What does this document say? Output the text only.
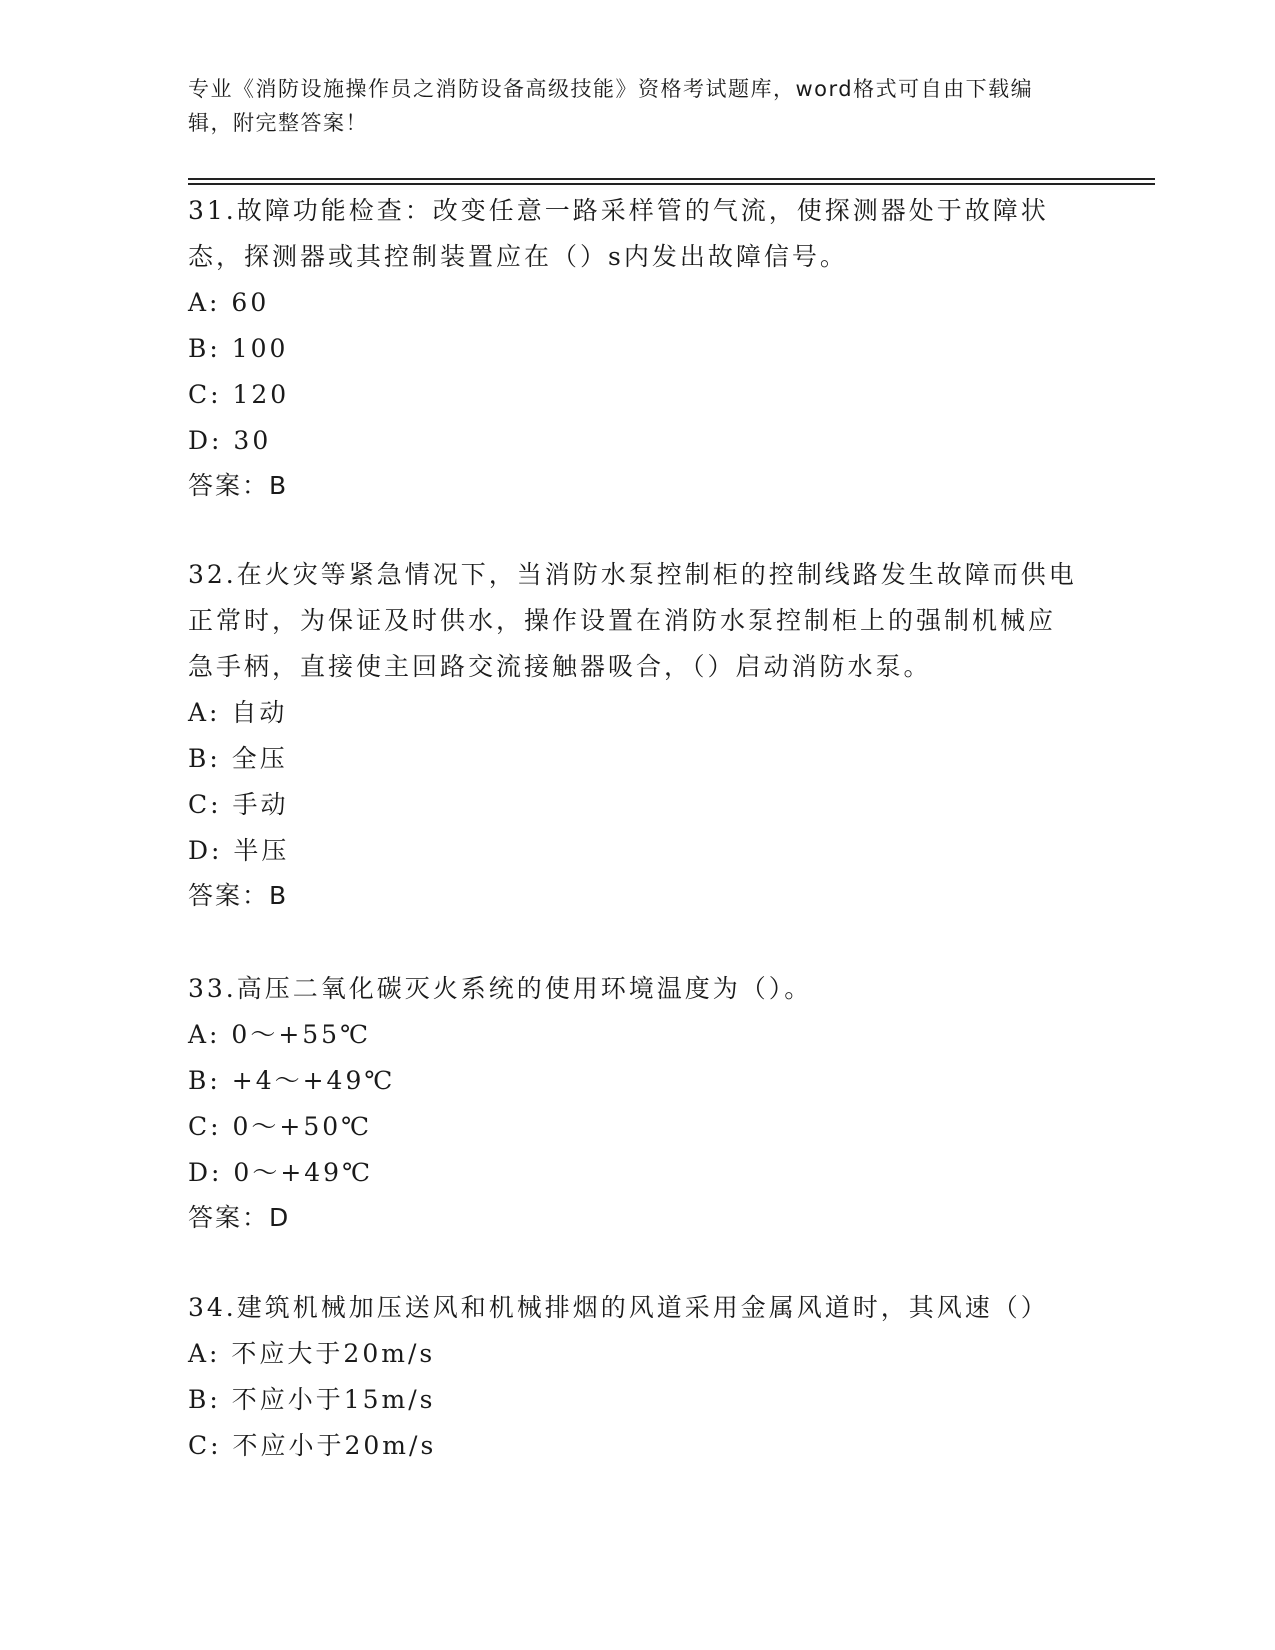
专业《消防设施操作员之消防设备高级技能》资格考试题库，word格式可自由下载编辑，附完整答案！
31.故障功能检查：改变任意一路采样管的气流，使探测器处于故障状态，探测器或其控制装置应在（）s内发出故障信号。
A: 60
B: 100
C: 120
D: 30
答案：B
32.在火灾等紧急情况下，当消防水泵控制柜的控制线路发生故障而供电正常时，为保证及时供水，操作设置在消防水泵控制柜上的强制机械应急手柄，直接使主回路交流接触器吸合，（）启动消防水泵。
A: 自动
B: 全压
C: 手动
D: 半压
答案：B
33.高压二氧化碳灭火系统的使用环境温度为（）。
A: 0～+55℃
B: +4～+49℃
C: 0～+50℃
D: 0～+49℃
答案：D
34.建筑机械加压送风和机械排烟的风道采用金属风道时，其风速（）
A: 不应大于20m/s
B: 不应小于15m/s
C: 不应小于20m/s
